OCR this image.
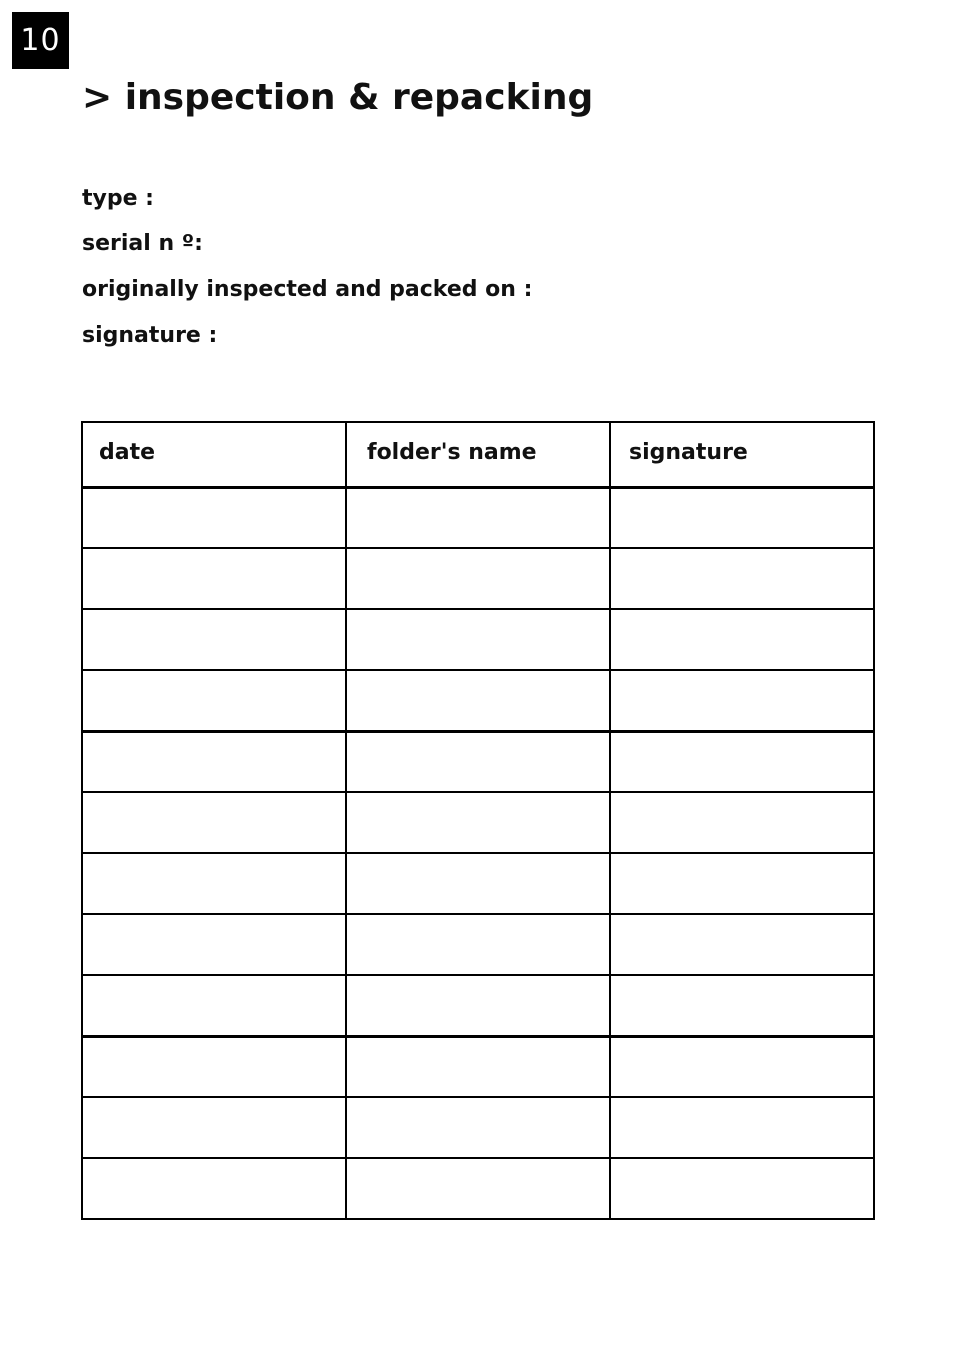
10
> inspection & repacking

type :

serial n º:

originally inspected and packed on :

signature :

date	folder's name	signature
